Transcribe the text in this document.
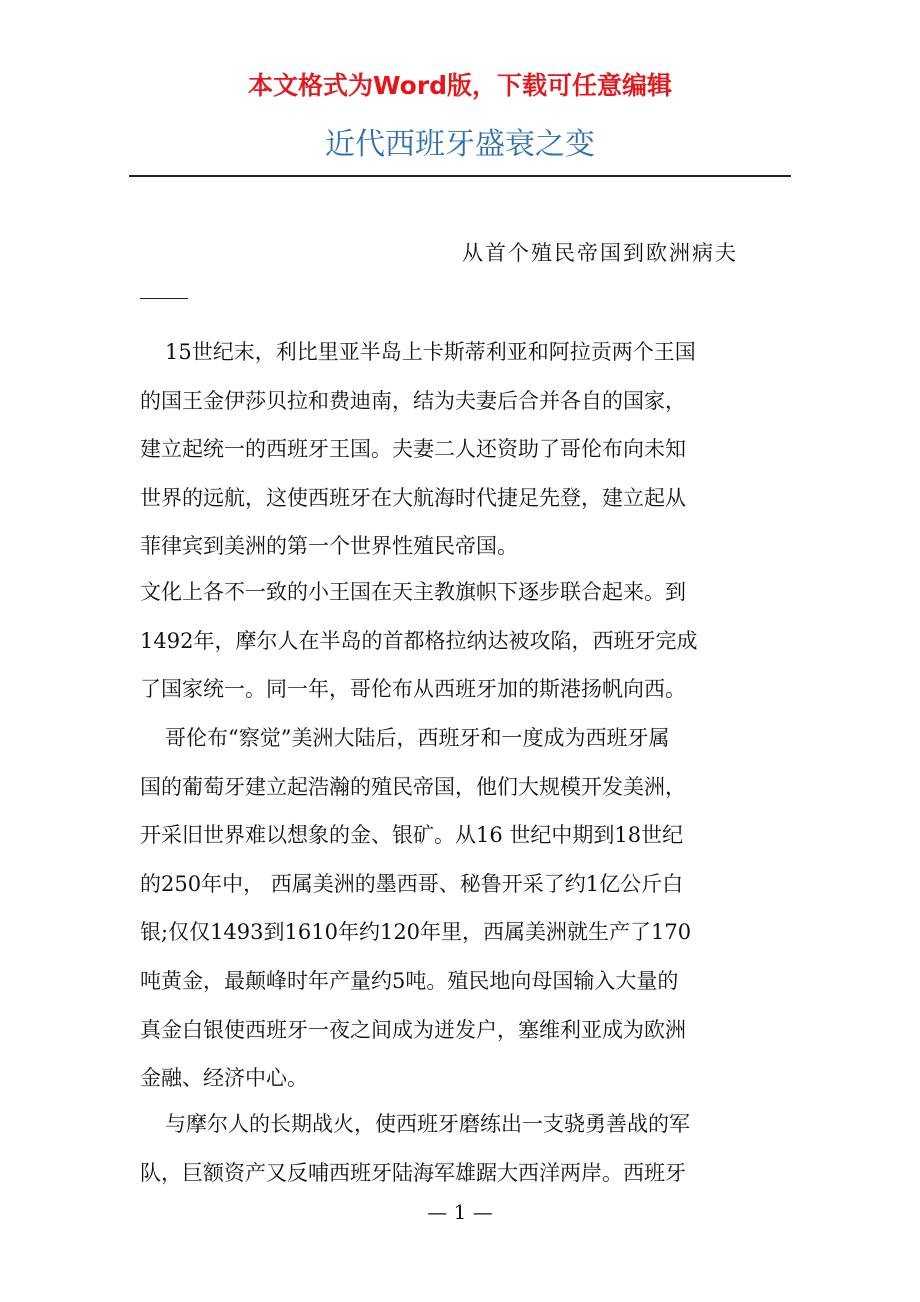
本文格式为Word版，下载可任意编辑
近代西班牙盛衰之变
从首个殖民帝国到欧洲病夫
15世纪末，利比里亚半岛上卡斯蒂利亚和阿拉贡两个王国
的国王金伊莎贝拉和费迪南，结为夫妻后合并各自的国家，
建立起统一的西班牙王国。夫妻二人还资助了哥伦布向未知
世界的远航，这使西班牙在大航海时代捷足先登，建立起从
菲律宾到美洲的第一个世界性殖民帝国。
文化上各不一致的小王国在天主教旗帜下逐步联合起来。到
1492年，摩尔人在半岛的首都格拉纳达被攻陷，西班牙完成
了国家统一。同一年，哥伦布从西班牙加的斯港扬帆向西。
哥伦布“察觉”美洲大陆后，西班牙和一度成为西班牙属
国的葡萄牙建立起浩瀚的殖民帝国，他们大规模开发美洲，
开采旧世界难以想象的金、银矿。从16 世纪中期到18世纪
的250年中， 西属美洲的墨西哥、秘鲁开采了约1亿公斤白
银;仅仅1493到1610年约120年里，西属美洲就生产了170
吨黄金，最颠峰时年产量约5吨。殖民地向母国输入大量的
真金白银使西班牙一夜之间成为迸发户，塞维利亚成为欧洲
金融、经济中心。
与摩尔人的长期战火，使西班牙磨练出一支骁勇善战的军
队，巨额资产又反哺西班牙陆海军雄踞大西洋两岸。西班牙
— 1 —
